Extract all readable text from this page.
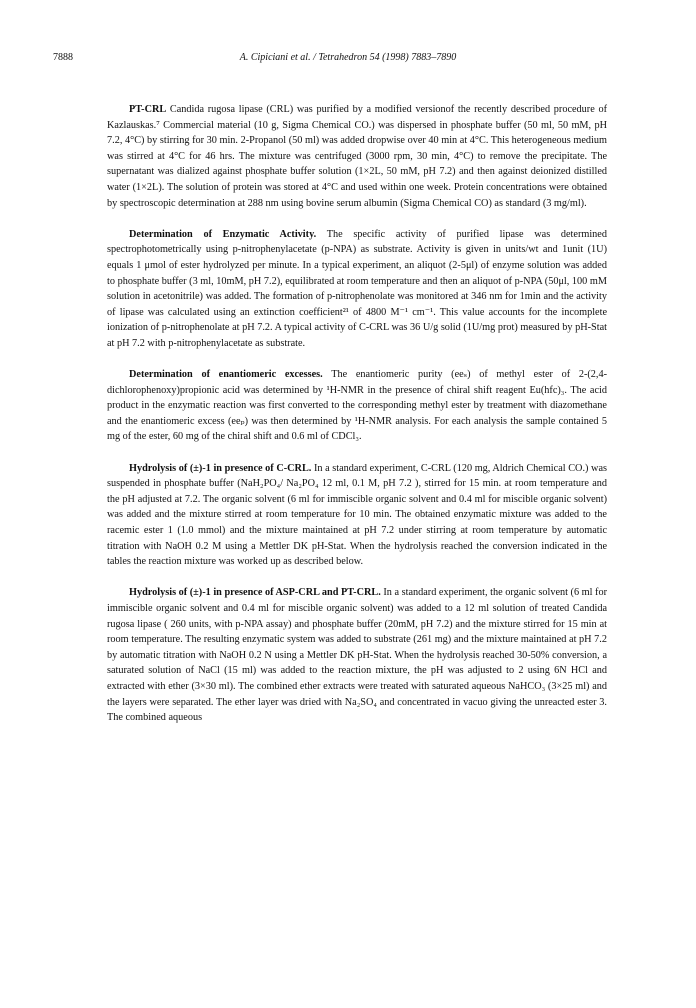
7888	A. Cipiciani et al. / Tetrahedron 54 (1998) 7883–7890

PT-CRL Candida rugosa lipase (CRL) was purified by a modified versionof the recently described procedure of Kazlauskas.⁷ Commercial material (10 g, Sigma Chemical CO.) was dispersed in phosphate buffer (50 ml, 50 mM, pH 7.2, 4°C) by stirring for 30 min. 2-Propanol (50 ml) was added dropwise over 40 min at 4°C. This heterogeneous medium was stirred at 4°C for 46 hrs. The mixture was centrifuged (3000 rpm, 30 min, 4°C) to remove the precipitate. The supernatant was dialized against phosphate buffer solution (1×2L, 50 mM, pH 7.2) and then against deionized distilled water (1×2L). The solution of protein was stored at 4°C and used within one week. Protein concentrations were obtained by spectroscopic determination at 288 nm using bovine serum albumin (Sigma Chemical CO) as standard (3 mg/ml).

Determination of Enzymatic Activity. The specific activity of purified lipase was determined spectrophotometrically using p-nitrophenylacetate (p-NPA) as substrate. Activity is given in units/wt and 1unit (1U) equals 1 μmol of ester hydrolyzed per minute. In a typical experiment, an aliquot (2-5μl) of enzyme solution was added to phosphate buffer (3 ml, 10mM, pH 7.2), equilibrated at room temperature and then an aliquot of p-NPA (50μl, 100 mM solution in acetonitrile) was added. The formation of p-nitrophenolate was monitored at 346 nm for 1min and the activity of lipase was calculated using an extinction coefficient²¹ of 4800 M⁻¹ cm⁻¹. This value accounts for the incomplete ionization of p-nitrophenolate at pH 7.2. A typical activity of C-CRL was 36 U/g solid (1U/mg prot) measured by pH-Stat at pH 7.2 with p-nitrophenylacetate as substrate.

Determination of enantiomeric excesses. The enantiomeric purity (eeₛ) of methyl ester of 2-(2,4-dichlorophenoxy)propionic acid was determined by ¹H-NMR in the presence of chiral shift reagent Eu(hfc)₃. The acid product in the enzymatic reaction was first converted to the corresponding methyl ester by treatment with diazomethane and the enantiomeric excess (eeₚ) was then determined by ¹H-NMR analysis. For each analysis the sample contained 5 mg of the ester, 60 mg of the chiral shift and 0.6 ml of CDCl₃.

Hydrolysis of (±)-1 in presence of C-CRL. In a standard experiment, C-CRL (120 mg, Aldrich Chemical CO.) was suspended in phosphate buffer (NaH₂PO₄/ Na₂PO₄ 12 ml, 0.1 M, pH 7.2 ), stirred for 15 min. at room temperature and the pH adjusted at 7.2. The organic solvent (6 ml for immiscible organic solvent and 0.4 ml for miscible organic solvent) was added and the mixture stirred at room temperature for 10 min. The obtained enzymatic mixture was added to the racemic ester 1 (1.0 mmol) and the mixture maintained at pH 7.2 under stirring at room temperature by automatic titration with NaOH 0.2 M using a Mettler DK pH-Stat. When the hydrolysis reached the conversion indicated in the tables the reaction mixture was worked up as described below.

Hydrolysis of (±)-1 in presence of ASP-CRL and PT-CRL. In a standard experiment, the organic solvent (6 ml for immiscible organic solvent and 0.4 ml for miscible organic solvent) was added to a 12 ml solution of treated Candida rugosa lipase ( 260 units, with p-NPA assay) and phosphate buffer (20mM, pH 7.2) and the mixture stirred for 15 min at room temperature. The resulting enzymatic system was added to substrate (261 mg) and the mixture maintained at pH 7.2 by automatic titration with NaOH 0.2 N using a Mettler DK pH-Stat. When the hydrolysis reached 30-50% conversion, a saturated solution of NaCl (15 ml) was added to the reaction mixture, the pH was adjusted to 2 using 6N HCl and extracted with ether (3×30 ml). The combined ether extracts were treated with saturated aqueous NaHCO₃ (3×25 ml) and the layers were separated. The ether layer was dried with Na₂SO₄ and concentrated in vacuo giving the unreacted ester 3. The combined aqueous
